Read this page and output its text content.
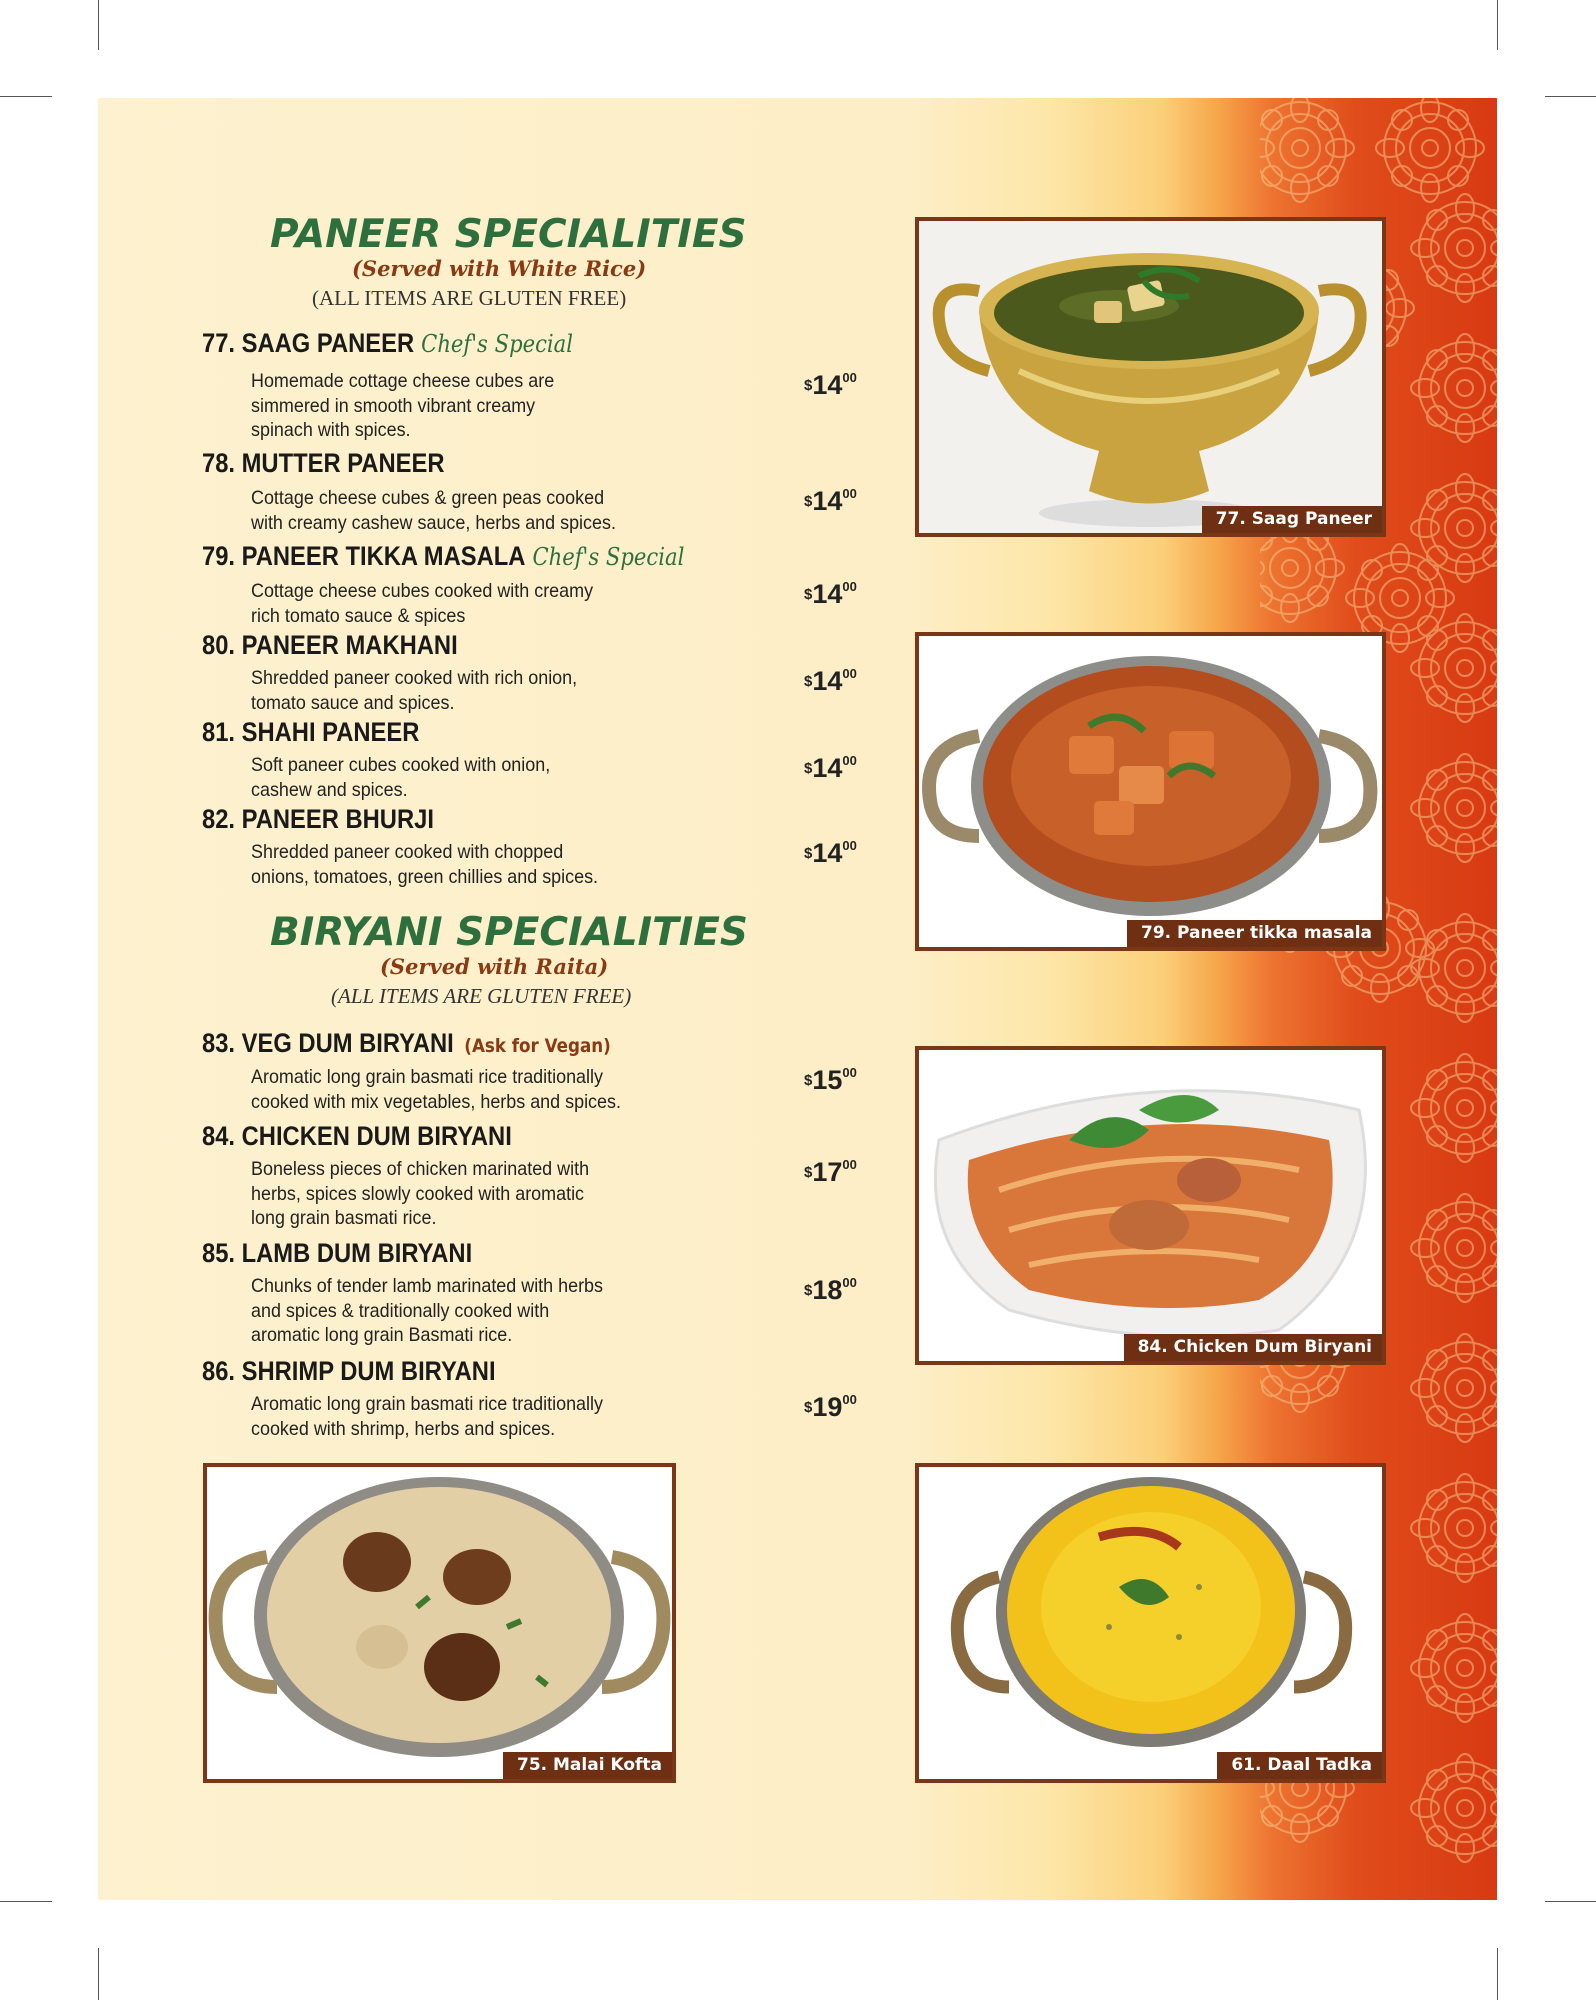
PANEER SPECIALITIES
(Served with White Rice)
(ALL ITEMS ARE GLUTEN FREE)
77. SAAG PANEER Chef's Special
Homemade cottage cheese cubes are simmered in smooth vibrant creamy spinach with spices.
$\$14^{00}$
78. MUTTER PANEER
Cottage cheese cubes & green peas cooked with creamy cashew sauce, herbs and spices.
$\$14^{00}$
79. PANEER TIKKA MASALA Chef's Special
Cottage cheese cubes cooked with creamy rich tomato sauce & spices
$\$14^{00}$
80. PANEER MAKHANI
Shredded paneer cooked with rich onion, tomato sauce and spices.
$\$14^{00}$
81. SHAHI PANEER
Soft paneer cubes cooked with onion, cashew and spices.
$\$14^{00}$
82. PANEER BHURJI
Shredded paneer cooked with chopped onions, tomatoes, green chillies and spices.
$\$14^{00}$
BIRYANI SPECIALITIES
(Served with Raita)
(ALL ITEMS ARE GLUTEN FREE)
83. VEG DUM BIRYANI (Ask for Vegan)
Aromatic long grain basmati rice traditionally cooked with mix vegetables, herbs and spices.
$\$15^{00}$
84. CHICKEN DUM BIRYANI
Boneless pieces of chicken marinated with herbs, spices slowly cooked with aromatic long grain basmati rice.
$\$17^{00}$
85. LAMB DUM BIRYANI
Chunks of tender lamb marinated with herbs and spices & traditionally cooked with aromatic long grain Basmati rice.
$\$18^{00}$
86. SHRIMP DUM BIRYANI
Aromatic long grain basmati rice traditionally cooked with shrimp, herbs and spices.
$\$19^{00}$
77. Saag Paneer
79. Paneer tikka masala
84. Chicken Dum Biryani
75. Malai Kofta	61. Daal Tadka
